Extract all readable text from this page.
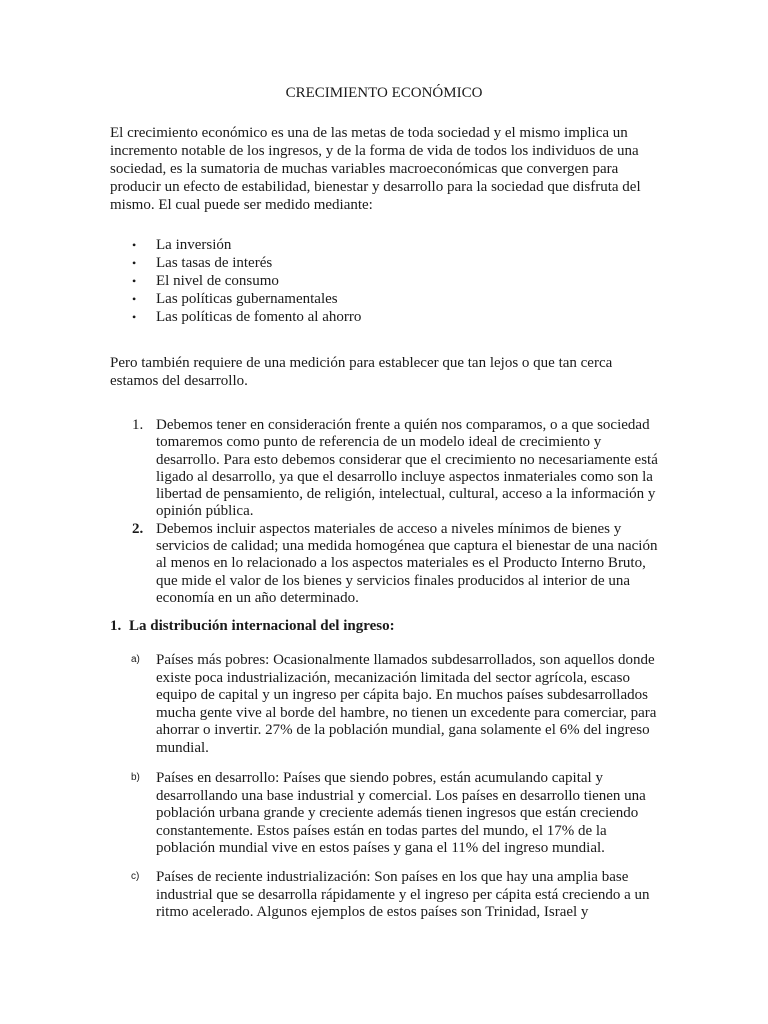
CRECIMIENTO ECONÓMICO

El crecimiento económico es una de las metas de toda sociedad y el mismo implica un incremento notable de los ingresos, y de la forma de vida de todos los individuos de una sociedad, es la sumatoria de muchas variables macroeconómicas que convergen para producir un efecto de estabilidad, bienestar y desarrollo para la sociedad que disfruta del mismo. El cual puede ser medido mediante:

• La inversión
• Las tasas de interés
• El nivel de consumo
• Las políticas gubernamentales
• Las políticas de fomento al ahorro

Pero también requiere de una medición para establecer que tan lejos o que tan cerca estamos del desarrollo.

1. Debemos tener en consideración frente a quién nos comparamos, o a que sociedad tomaremos como punto de referencia de un modelo ideal de crecimiento y desarrollo. Para esto debemos considerar que el crecimiento no necesariamente está ligado al desarrollo, ya que el desarrollo incluye aspectos inmateriales como son la libertad de pensamiento, de religión, intelectual, cultural, acceso a la información y opinión pública.
2. Debemos incluir aspectos materiales de acceso a niveles mínimos de bienes y servicios de calidad; una medida homogénea que captura el bienestar de una nación al menos en lo relacionado a los aspectos materiales es el Producto Interno Bruto, que mide el valor de los bienes y servicios finales producidos al interior de una economía en un año determinado.

1. La distribución internacional del ingreso:

a) Países más pobres: Ocasionalmente llamados subdesarrollados, son aquellos donde existe poca industrialización, mecanización limitada del sector agrícola, escaso equipo de capital y un ingreso per cápita bajo. En muchos países subdesarrollados mucha gente vive al borde del hambre, no tienen un excedente para comerciar, para ahorrar o invertir. 27% de la población mundial, gana solamente el 6% del ingreso mundial.
b) Países en desarrollo: Países que siendo pobres, están acumulando capital y desarrollando una base industrial y comercial. Los países en desarrollo tienen una población urbana grande y creciente además tienen ingresos que están creciendo constantemente. Estos países están en todas partes del mundo, el 17% de la población mundial vive en estos países y gana el 11% del ingreso mundial.
c) Países de reciente industrialización: Son países en los que hay una amplia base industrial que se desarrolla rápidamente y el ingreso per cápita está creciendo a un ritmo acelerado. Algunos ejemplos de estos países son Trinidad, Israel y
